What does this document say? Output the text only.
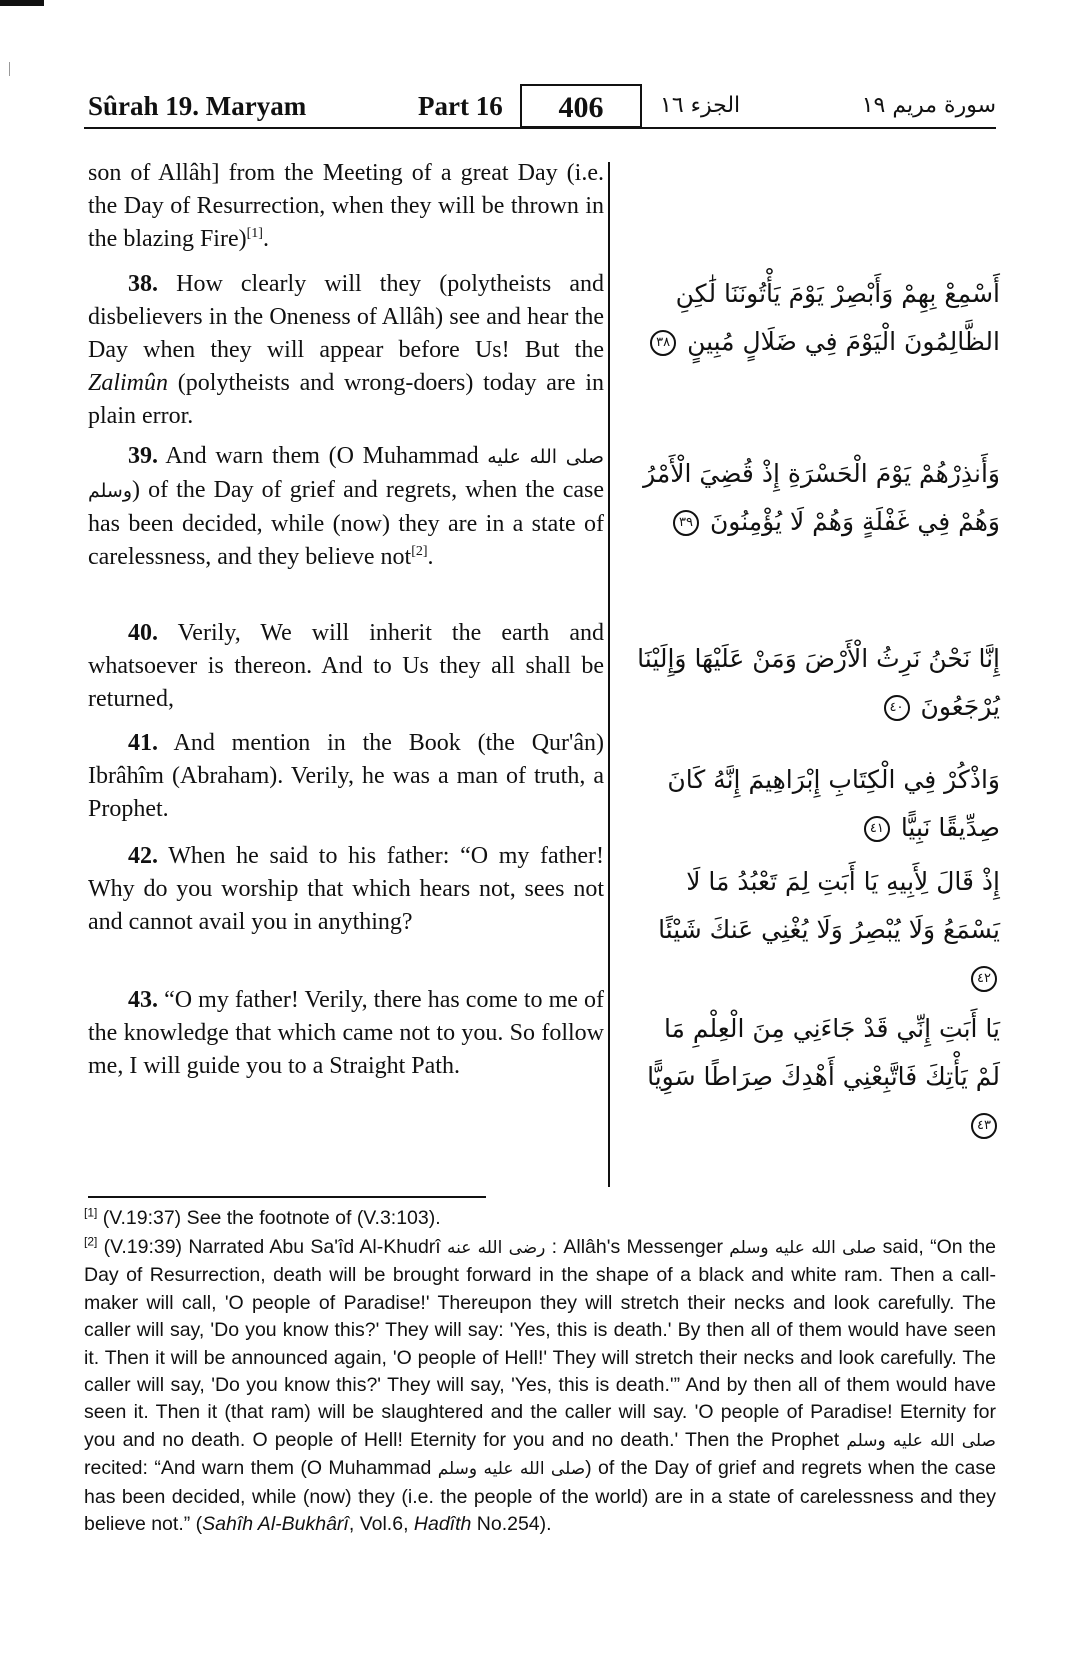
Sûrah 19. Maryam	Part 16	406	الجزء ١٦	سورة مريم ١٩

son of Allâh] from the Meeting of a great Day (i.e. the Day of Resurrection, when they will be thrown in the blazing Fire)[1].

38. How clearly will they (polytheists and disbelievers in the Oneness of Allâh) see and hear the Day when they will appear before Us! But the Zalimûn (polytheists and wrong-doers) today are in plain error.

39. And warn them (O Muhammad صلى الله عليه وسلم) of the Day of grief and regrets, when the case has been decided, while (now) they are in a state of carelessness, and they believe not[2].

40. Verily, We will inherit the earth and whatsoever is thereon. And to Us they all shall be returned,

41. And mention in the Book (the Qur'ân) Ibrâhîm (Abraham). Verily, he was a man of truth, a Prophet.

42. When he said to his father: “O my father! Why do you worship that which hears not, sees not and cannot avail you in anything?

43. “O my father! Verily, there has come to me of the knowledge that which came not to you. So follow me, I will guide you to a Straight Path.

أَسْمِعْ بِهِمْ وَأَبْصِرْ يَوْمَ يَأْتُونَنَا لَٰكِنِ الظَّالِمُونَ الْيَوْمَ فِي ضَلَالٍ مُبِينٍ ٣٨

وَأَنذِرْهُمْ يَوْمَ الْحَسْرَةِ إِذْ قُضِيَ الْأَمْرُ وَهُمْ فِي غَفْلَةٍ وَهُمْ لَا يُؤْمِنُونَ ٣٩

إِنَّا نَحْنُ نَرِثُ الْأَرْضَ وَمَنْ عَلَيْهَا وَإِلَيْنَا يُرْجَعُونَ ٤٠

وَاذْكُرْ فِي الْكِتَابِ إِبْرَاهِيمَ إِنَّهُ كَانَ صِدِّيقًا نَبِيًّا ٤١

إِذْ قَالَ لِأَبِيهِ يَا أَبَتِ لِمَ تَعْبُدُ مَا لَا يَسْمَعُ وَلَا يُبْصِرُ وَلَا يُغْنِي عَنكَ شَيْئًا ٤٢

يَا أَبَتِ إِنِّي قَدْ جَاءَنِي مِنَ الْعِلْمِ مَا لَمْ يَأْتِكَ فَاتَّبِعْنِي أَهْدِكَ صِرَاطًا سَوِيًّا ٤٣

[1] (V.19:37) See the footnote of (V.3:103).

[2] (V.19:39) Narrated Abu Sa'îd Al-Khudrî رضى الله عنه : Allâh's Messenger صلى الله عليه وسلم said, “On the Day of Resurrection, death will be brought forward in the shape of a black and white ram. Then a call-maker will call, 'O people of Paradise!' Thereupon they will stretch their necks and look carefully. The caller will say, 'Do you know this?' They will say: 'Yes, this is death.' By then all of them would have seen it. Then it will be announced again, 'O people of Hell!' They will stretch their necks and look carefully. The caller will say, 'Do you know this?' They will say, 'Yes, this is death.'” And by then all of them would have seen it. Then it (that ram) will be slaughtered and the caller will say. 'O people of Paradise! Eternity for you and no death. O people of Hell! Eternity for you and no death.' Then the Prophet صلى الله عليه وسلم recited: “And warn them (O Muhammad صلى الله عليه وسلم) of the Day of grief and regrets when the case has been decided, while (now) they (i.e. the people of the world) are in a state of carelessness and they believe not.” (Sahîh Al-Bukhârî, Vol.6, Hadîth No.254).
